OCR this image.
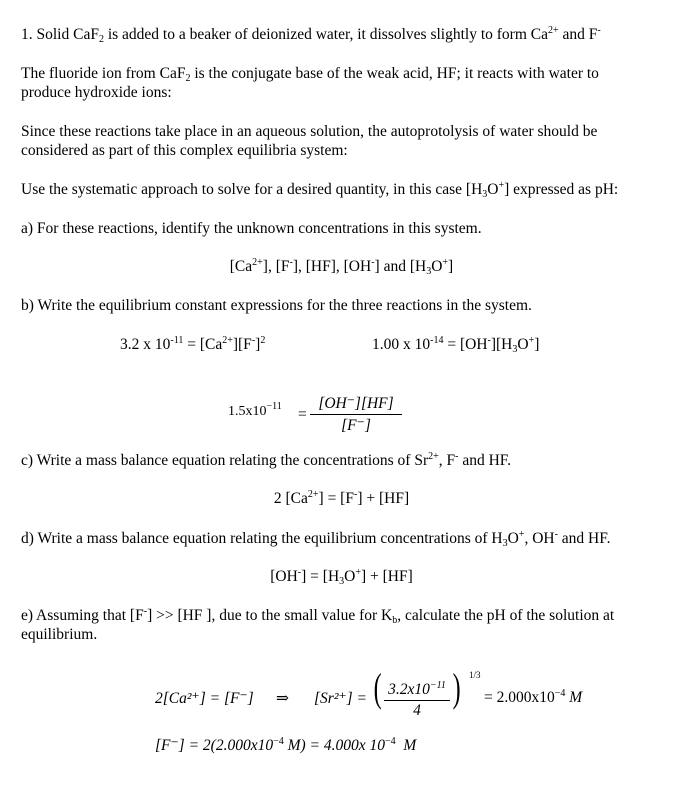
1. Solid CaF$_2$ is added to a beaker of deionized water, it dissolves slightly to form $Ca^{2+}$ and F-
The fluoride ion from CaF$_2$ is the conjugate base of the weak acid, HF; it reacts with water to
produce hydroxide ions:
Since these reactions take place in an aqueous solution, the autoprotolysis of water should be
considered as part of this complex equilibria system:
Use the systematic approach to solve for a desired quantity, in this case $[H_3O^+]$ expressed as pH:
a) For these reactions, identify the unknown concentrations in this system.
$[Ca^{2+}]$, [F-], [HF], [OH-] and $[H_3O^+]$
b) Write the equilibrium constant expressions for the three reactions in the system.
3.2 x $10^{-11} = [Ca^{2+}][F^-]^2$	1.00 x $10^{-14} = [OH^-][H_3O^+]$
$1.5x10^{-11} = \frac{[OH^-][HF]}{[F^-]}$
c) Write a mass balance equation relating the concentrations of $Sr^{2+}$, F- and HF.
2 $[Ca^{2+}] = [F^-] + [HF]$
d) Write a mass balance equation relating the equilibrium concentrations of $H_3O^+$, OH- and HF.
$[OH^-] = [H_3O^+] + [HF]$
e) Assuming that [F-] >> [HF ], due to the small value for $K_b$, calculate the pH of the solution at
equilibrium.
2[Ca²⁺] = [F⁻] ⇒ [Sr²⁺] = ( $\frac{3.2x10^{-11}}{4}$ ) 1/3
= $2.000x10^{-4}$ M
$[F^-] = 2(2.000x10^{-4}$ M) = 4.000x $10^{-4}$ M
